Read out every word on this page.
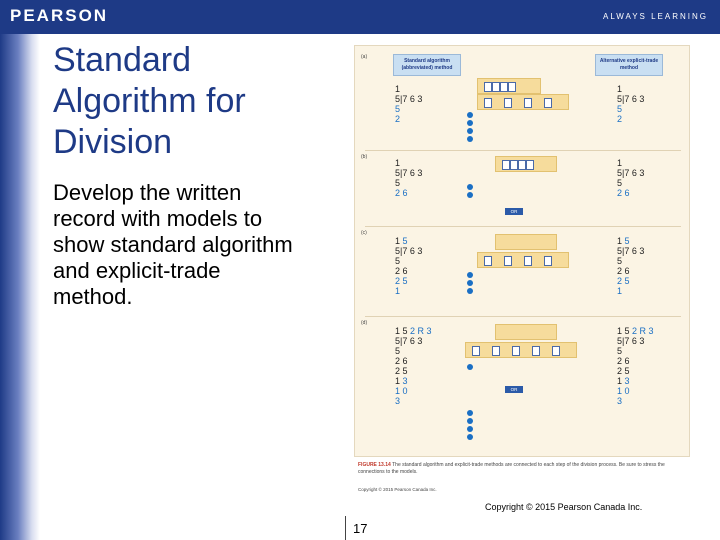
PEARSON	ALWAYS LEARNING
Standard Algorithm for Division
Develop the written record with models to show standard algorithm and explicit-trade method.
Standard algorithm (abbreviated) method
Alternative explicit-trade method
(a)
1
5|7 6 3
5
2
1
5|7 6 3
5
2
(b)
1
5|7 6 3
5
2 6
1
5|7 6 3
5
2 6
OR
(c)
1 5
5|7 6 3
5
2 6
2 5
1
1 5
5|7 6 3
5
2 6
2 5
1
(d)
1 5 2 R 3
5|7 6 3
5
2 6
2 5
1 3
1 0
3
1 5 2 R 3
5|7 6 3
5
2 6
2 5
1 3
1 0
3
OR
FIGURE 13.14 The standard algorithm and explicit-trade methods are connected to each step of the division process. Be sure to stress the connections to the models.
Copyright © 2015 Pearson Canada Inc.
Copyright © 2015 Pearson Canada Inc.
17
